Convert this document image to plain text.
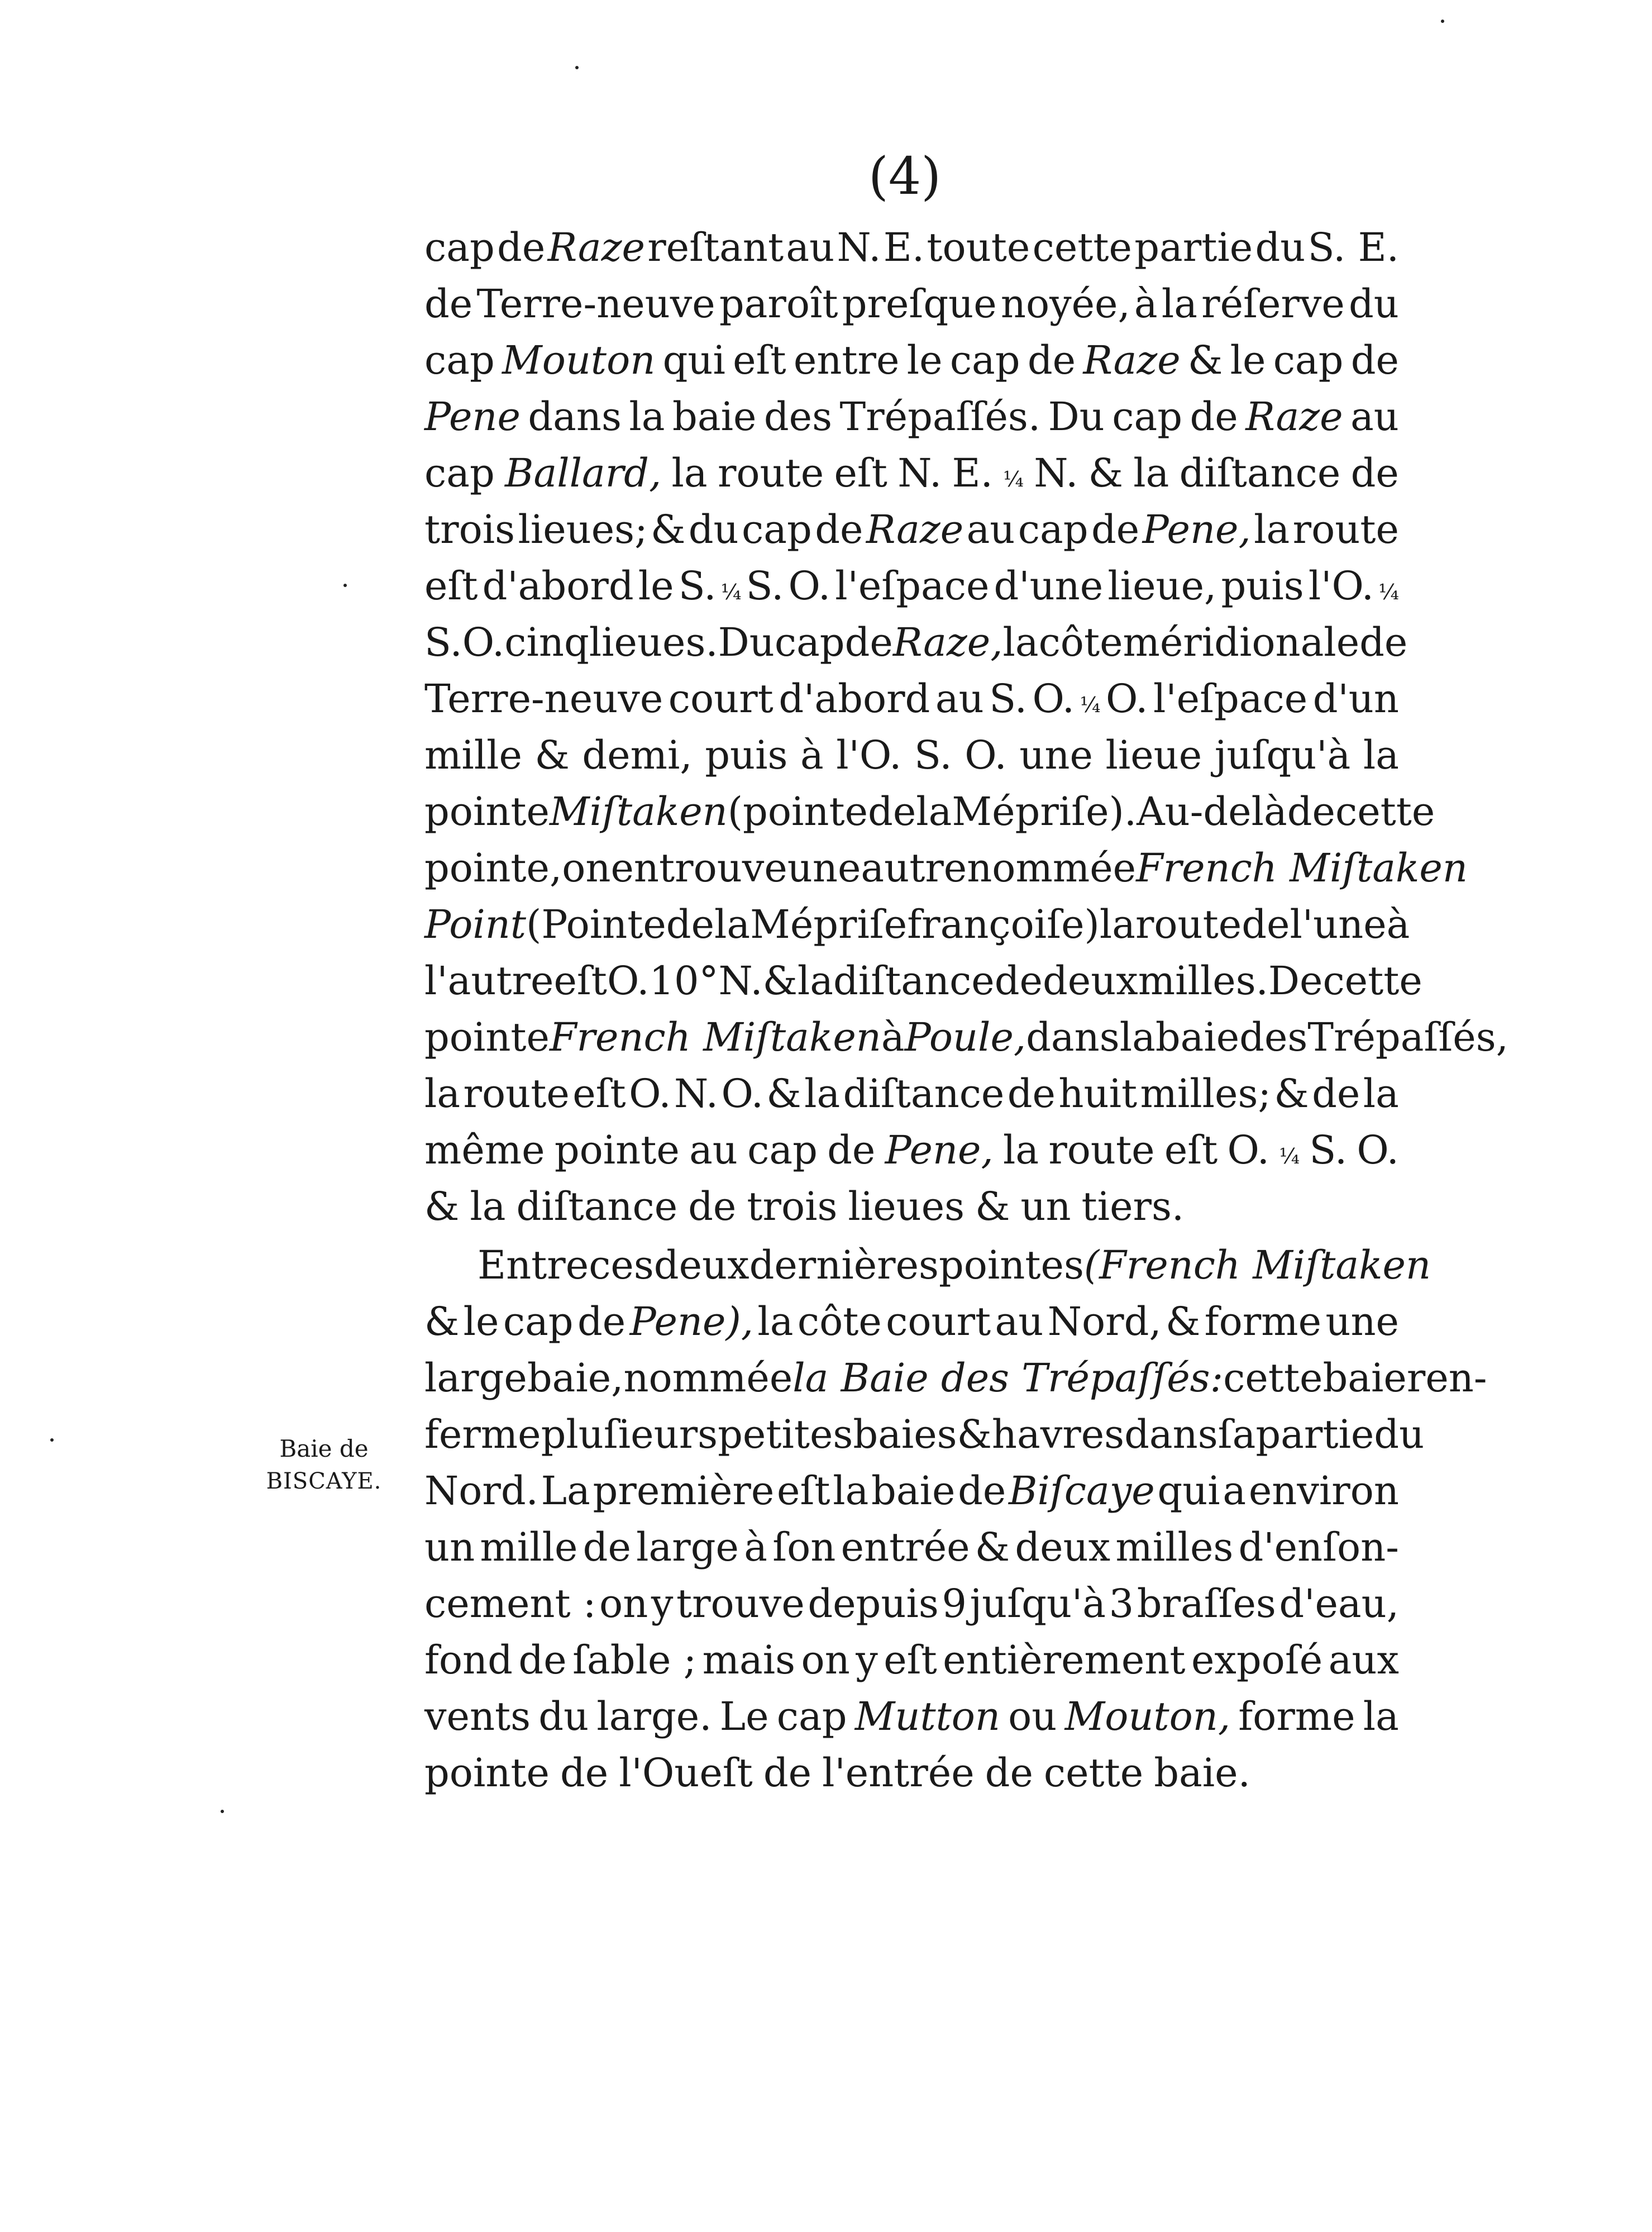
(4)
cap de Raze reſtant au N. E. toute cette partie du S. E.
de Terre-neuve paroît preſque noyée, à la réſerve du
cap Mouton qui eſt entre le cap de Raze & le cap de
Pene dans la baie des Trépaſſés. Du cap de Raze au
cap Ballard, la route eſt N. E. ¼ N. & la diſtance de
trois lieues; & du cap de Raze au cap de Pene, la route
eſt d'abord le S. ¼ S. O. l'eſpace d'une lieue, puis l'O. ¼
S. O. cinq lieues. Du cap de Raze, la côte méridionale de
Terre-neuve court d'abord au S. O. ¼ O. l'eſpace d'un
mille & demi, puis à l'O. S. O. une lieue juſqu'à la
pointe Miſtaken (pointe de la Mépriſe). Au-delà de cette
pointe, on en trouve une autre nommée French Miſtaken
Point ( Pointe de la Mépriſe françoiſe ) la route de l'une à
l'autre eſt O. 10°N. & la diſtance de deux milles. De cette
pointe French Miſtaken à Poule, dans la baie des Trépaſſés,
la route eſt O. N. O. & la diſtance de huit milles; & de la
même pointe au cap de Pene, la route eſt O. ¼ S. O.
& la diſtance de trois lieues & un tiers.
Entre ces deux dernières pointes (French Miſtaken
& le cap de Pene), la côte court au Nord, & forme une
large baie, nommée la Baie des Trépaſſés: cette baie ren-
ferme pluſieurs petites baies & havres dans ſa partie du
Nord. La première eſt la baie de Biſcaye qui a environ
un mille de large à ſon entrée & deux milles d'enſon-
cement : on y trouve depuis 9 juſqu'à 3 braſſes d'eau,
fond de ſable ; mais on y eſt entièrement expoſé aux
vents du large. Le cap Mutton ou Mouton, forme la
pointe de l'Oueſt de l'entrée de cette baie.
Baie de
BISCAYE.
